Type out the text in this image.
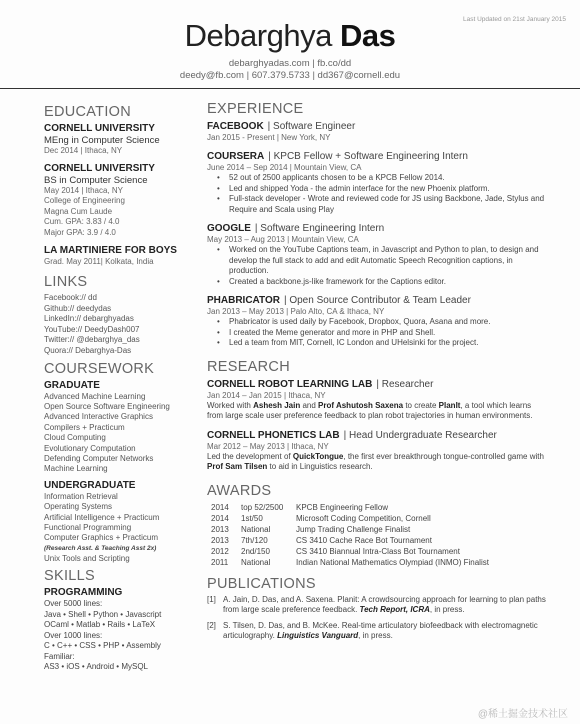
Last Updated on 21st January 2015
Debarghya Das
debarghyadas.com | fb.co/dd
deedy@fb.com | 607.379.5733 | dd367@cornell.edu
EDUCATION
CORNELL UNIVERSITY
MEng in Computer Science
Dec 2014 | Ithaca, NY
CORNELL UNIVERSITY
BS in Computer Science
May 2014 | Ithaca, NY
College of Engineering
Magna Cum Laude
Cum. GPA: 3.83 / 4.0
Major GPA: 3.9 / 4.0
LA MARTINIERE FOR BOYS
Grad. May 2011| Kolkata, India
LINKS
Facebook:// dd
Github:// deedydas
LinkedIn:// debarghyadas
YouTube:// DeedyDash007
Twitter:// @debarghya_das
Quora:// Debarghya-Das
COURSEWORK
GRADUATE
Advanced Machine Learning
Open Source Software Engineering
Advanced Interactive Graphics
Compilers + Practicum
Cloud Computing
Evolutionary Computation
Defending Computer Networks
Machine Learning
UNDERGRADUATE
Information Retrieval
Operating Systems
Artificial Intelligence + Practicum
Functional Programming
Computer Graphics + Practicum
(Research Asst. & Teaching Asst 2x)
Unix Tools and Scripting
SKILLS
PROGRAMMING
Over 5000 lines:
Java • Shell • Python • Javascript
OCaml • Matlab • Rails • LaTeX
Over 1000 lines:
C • C++ • CSS • PHP • Assembly
Familiar:
AS3 • iOS • Android • MySQL
EXPERIENCE
FACEBOOK | Software Engineer
Jan 2015 - Present | New York, NY
COURSERA | KPCB Fellow + Software Engineering Intern
June 2014 – Sep 2014 | Mountain View, CA
• 52 out of 2500 applicants chosen to be a KPCB Fellow 2014.
• Led and shipped Yoda - the admin interface for the new Phoenix platform.
• Full-stack developer - Wrote and reviewed code for JS using Backbone, Jade, Stylus and Require and Scala using Play
GOOGLE | Software Engineering Intern
May 2013 – Aug 2013 | Mountain View, CA
• Worked on the YouTube Captions team, in Javascript and Python to plan, to design and develop the full stack to add and edit Automatic Speech Recognition captions, in production.
• Created a backbone.js-like framework for the Captions editor.
PHABRICATOR | Open Source Contributor & Team Leader
Jan 2013 – May 2013 | Palo Alto, CA & Ithaca, NY
• Phabricator is used daily by Facebook, Dropbox, Quora, Asana and more.
• I created the Meme generator and more in PHP and Shell.
• Led a team from MIT, Cornell, IC London and UHelsinki for the project.
RESEARCH
CORNELL ROBOT LEARNING LAB | Researcher
Jan 2014 – Jan 2015 | Ithaca, NY
Worked with Ashesh Jain and Prof Ashutosh Saxena to create PlanIt, a tool which learns from large scale user preference feedback to plan robot trajectories in human environments.
CORNELL PHONETICS LAB | Head Undergraduate Researcher
Mar 2012 – May 2013 | Ithaca, NY
Led the development of QuickTongue, the first ever breakthrough tongue-controlled game with Prof Sam Tilsen to aid in Linguistics research.
AWARDS
2014	top 52/2500	KPCB Engineering Fellow
2014	1st/50	Microsoft Coding Competition, Cornell
2013	National	Jump Trading Challenge Finalist
2013	7th/120	CS 3410 Cache Race Bot Tournament
2012	2nd/150	CS 3410 Biannual Intra-Class Bot Tournament
2011	National	Indian National Mathematics Olympiad (INMO) Finalist
PUBLICATIONS
[1] A. Jain, D. Das, and A. Saxena. Planit: A crowdsourcing approach for learning to plan paths from large scale preference feedback. Tech Report, ICRA, in press.
[2] S. Tilsen, D. Das, and B. McKee. Real-time articulatory biofeedback with electromagnetic articulography. Linguistics Vanguard, in press.
@稀土掘金技术社区
